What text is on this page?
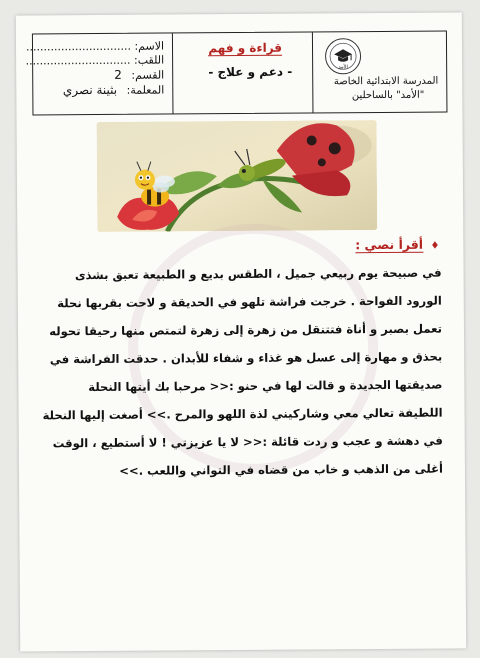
الاسم: ..............................
اللقب: ..............................
القسم: 2
المعلمة: بثينة نصري
قراءة و فهم
- دعم و علاج -	الأمد
المدرسة الابتدائية الخاصة
"الأمد" بالساحلين
♦ أقرأ نصي :
في صبيحة يوم ربيعي جميل ، الطقس بديع و الطبيعة تعبق بشذى
الورود الفواحة . خرجت فراشة تلهو في الحديقة و لاحت بقربها نحلة
تعمل بصبر و أناة فتتنقل من زهرة إلى زهرة لتمتص منها رحيقا تحوله
بحذق و مهارة إلى عسل هو غذاء و شفاء للأبدان . حدقت الفراشة في
صديقتها الجديدة و قالت لها في حنو :<< مرحبا بك أيتها النحلة
اللطيفة تعالي معي وشاركيني لذة اللهو والمرح .>> أصغت إليها النحلة
في دهشة و عجب و ردت قائلة :<< لا يا عزيزتي ! لا أستطيع ، الوقت
أغلى من الذهب و خاب من قضاه في التواني واللعب .>>
